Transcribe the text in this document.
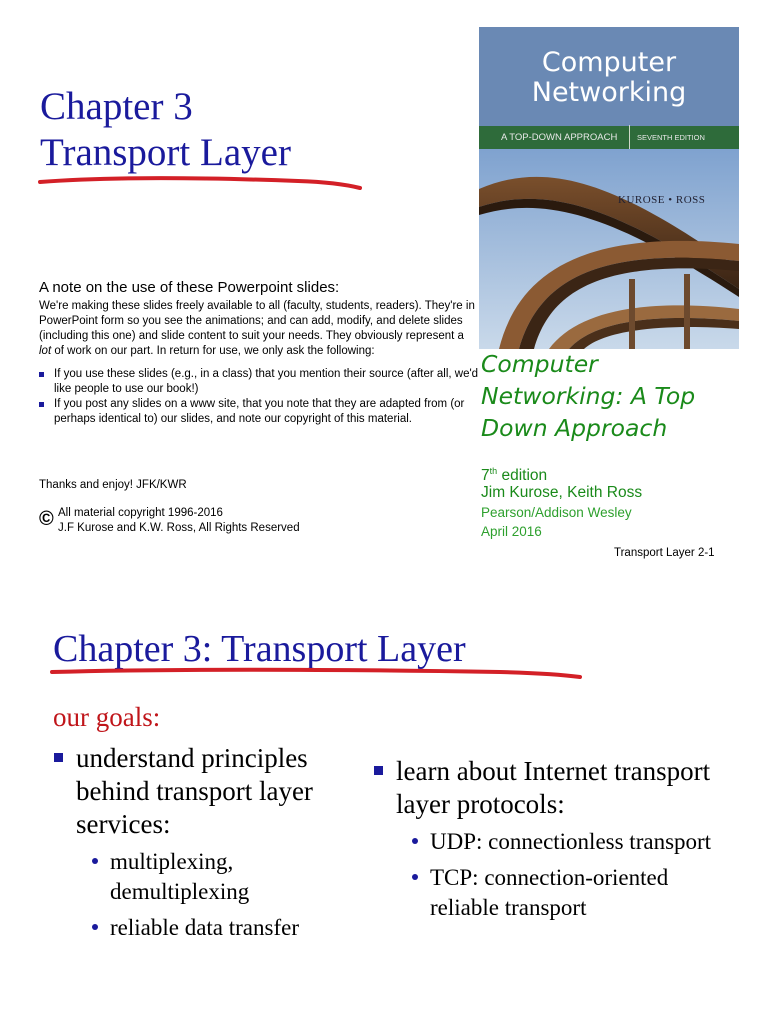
Chapter 3
Transport Layer
A note on the use of these Powerpoint slides:

We're making these slides freely available to all (faculty, students, readers). They're in PowerPoint form so you see the animations; and can add, modify, and delete slides (including this one) and slide content to suit your needs. They obviously represent a lot of work on our part. In return for use, we only ask the following:

If you use these slides (e.g., in a class) that you mention their source (after all, we'd like people to use our book!)
If you post any slides on a www site, that you note that they are adapted from (or perhaps identical to) our slides, and note our copyright of this material.
Thanks and enjoy! JFK/KWR
© All material copyright 1996-2016
J.F Kurose and K.W. Ross, All Rights Reserved
Computer
Networking
A TOP-DOWN APPROACH	SEVENTH EDITION
KUROSE • ROSS
Computer
Networking: A Top
Down Approach
7th edition
Jim Kurose, Keith Ross
Pearson/Addison Wesley
April 2016
Transport Layer 2-1
Chapter 3: Transport Layer
our goals:
understand principles behind transport layer services:
multiplexing, demultiplexing
reliable data transfer
learn about Internet transport layer protocols:
UDP: connectionless transport
TCP: connection-oriented reliable transport
